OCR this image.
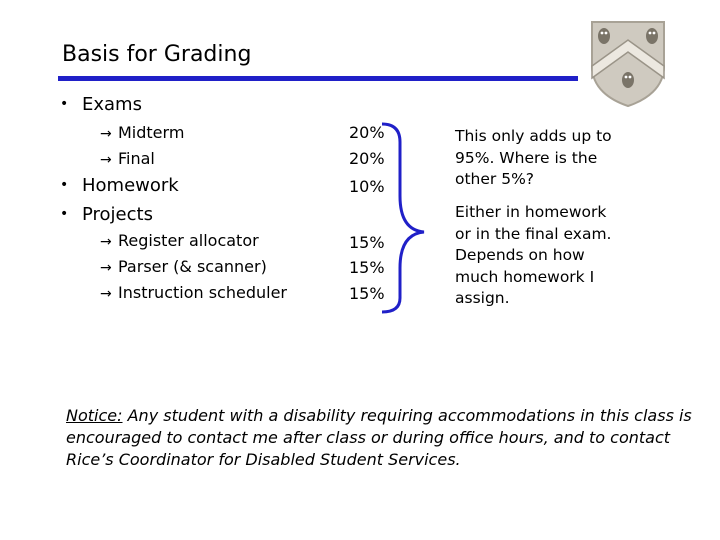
Basis for Grading
• Exams
→ Midterm
→ Final
• Homework
• Projects
→ Register allocator
→ Parser (& scanner)
→ Instruction scheduler
20%
20%
10%
15%
15%
15%
This only adds up to
95%. Where is the
other 5%?
Either in homework
or in the final exam.
Depends on how
much homework I
assign.
Notice: Any student with a disability requiring accommodations in this class is encouraged to contact me after class or during office hours, and to contact Rice’s Coordinator for Disabled Student Services.
